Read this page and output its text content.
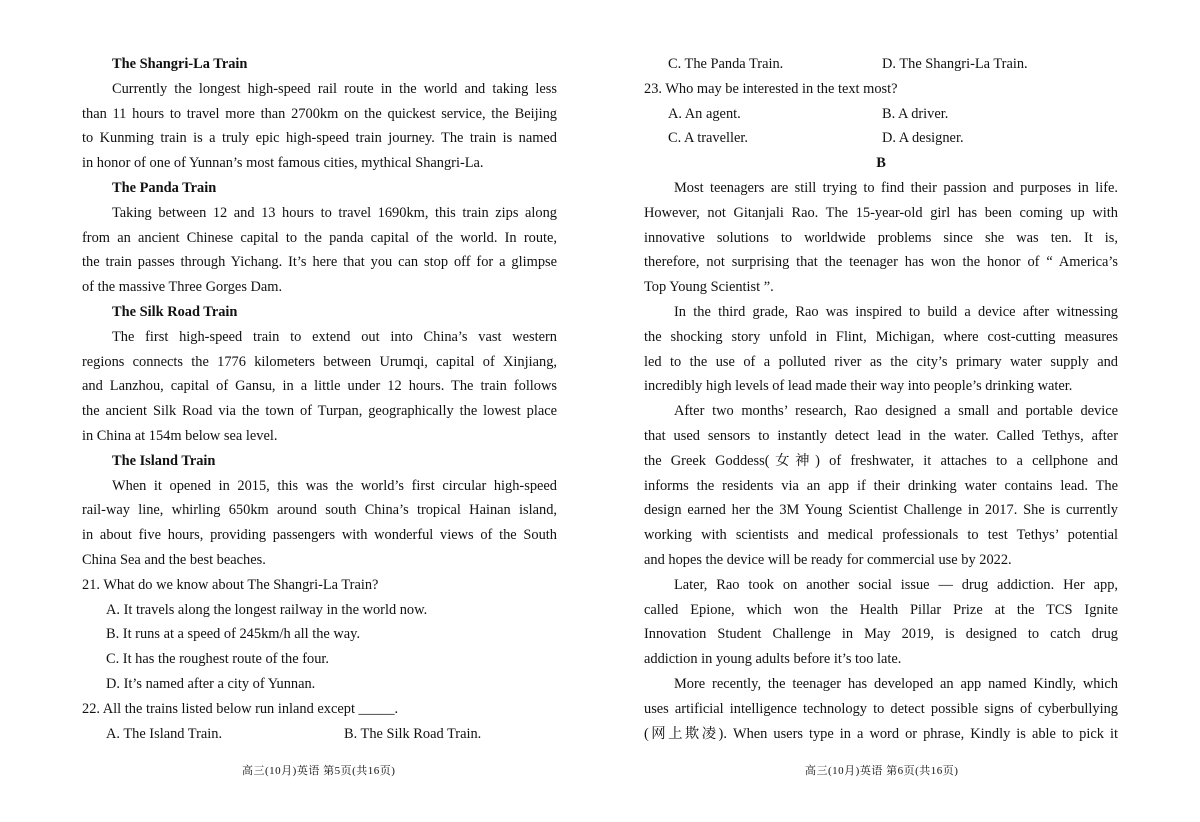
The Shangri-La Train
Currently the longest high-speed rail route in the world and taking less
than 11 hours to travel more than 2700km on the quickest service, the Beijing
to Kunming train is a truly epic high-speed train journey. The train is named
in honor of one of Yunnan’s most famous cities, mythical Shangri-La.
The Panda Train
Taking between 12 and 13 hours to travel 1690km, this train zips along
from an ancient Chinese capital to the panda capital of the world. In route,
the train passes through Yichang. It’s here that you can stop off for a glimpse
of the massive Three Gorges Dam.
The Silk Road Train
The first high-speed train to extend out into China’s vast western
regions connects the 1776 kilometers between Urumqi, capital of Xinjiang,
and Lanzhou, capital of Gansu, in a little under 12 hours. The train follows
the ancient Silk Road via the town of Turpan, geographically the lowest place
in China at 154m below sea level.
The Island Train
When it opened in 2015, this was the world’s first circular high-speed
rail-way line, whirling 650km around south China’s tropical Hainan island,
in about five hours, providing passengers with wonderful views of the South
China Sea and the best beaches.
21. What do we know about The Shangri-La Train?
A. It travels along the longest railway in the world now.
B. It runs at a speed of 245km/h all the way.
C. It has the roughest route of the four.
D. It’s named after a city of Yunnan.
22. All the trains listed below run inland except _____.
A. The Island Train.	B. The Silk Road Train.
C. The Panda Train.	D. The Shangri-La Train.
23. Who may be interested in the text most?
A. An agent.	B. A driver.
C. A traveller.	D. A designer.
B
Most teenagers are still trying to find their passion and purposes in life.
However, not Gitanjali Rao. The 15-year-old girl has been coming up with
innovative solutions to worldwide problems since she was ten. It is,
therefore, not surprising that the teenager has won the honor of “ America’s
Top Young Scientist ”.
In the third grade, Rao was inspired to build a device after witnessing
the shocking story unfold in Flint, Michigan, where cost-cutting measures
led to the use of a polluted river as the city’s primary water supply and
incredibly high levels of lead made their way into people’s drinking water.
After two months’ research, Rao designed a small and portable device
that used sensors to instantly detect lead in the water. Called Tethys, after
the Greek Goddess(女神) of freshwater, it attaches to a cellphone and
informs the residents via an app if their drinking water contains lead. The
design earned her the 3M Young Scientist Challenge in 2017. She is currently
working with scientists and medical professionals to test Tethys’ potential
and hopes the device will be ready for commercial use by 2022.
Later, Rao took on another social issue — drug addiction. Her app,
called Epione, which won the Health Pillar Prize at the TCS Ignite
Innovation Student Challenge in May 2019, is designed to catch drug
addiction in young adults before it’s too late.
More recently, the teenager has developed an app named Kindly, which
uses artificial intelligence technology to detect possible signs of cyberbullying
(网上欺凌). When users type in a word or phrase, Kindly is able to pick it
高三(10月)英语 第5页(共16页)	高三(10月)英语 第6页(共16页)
